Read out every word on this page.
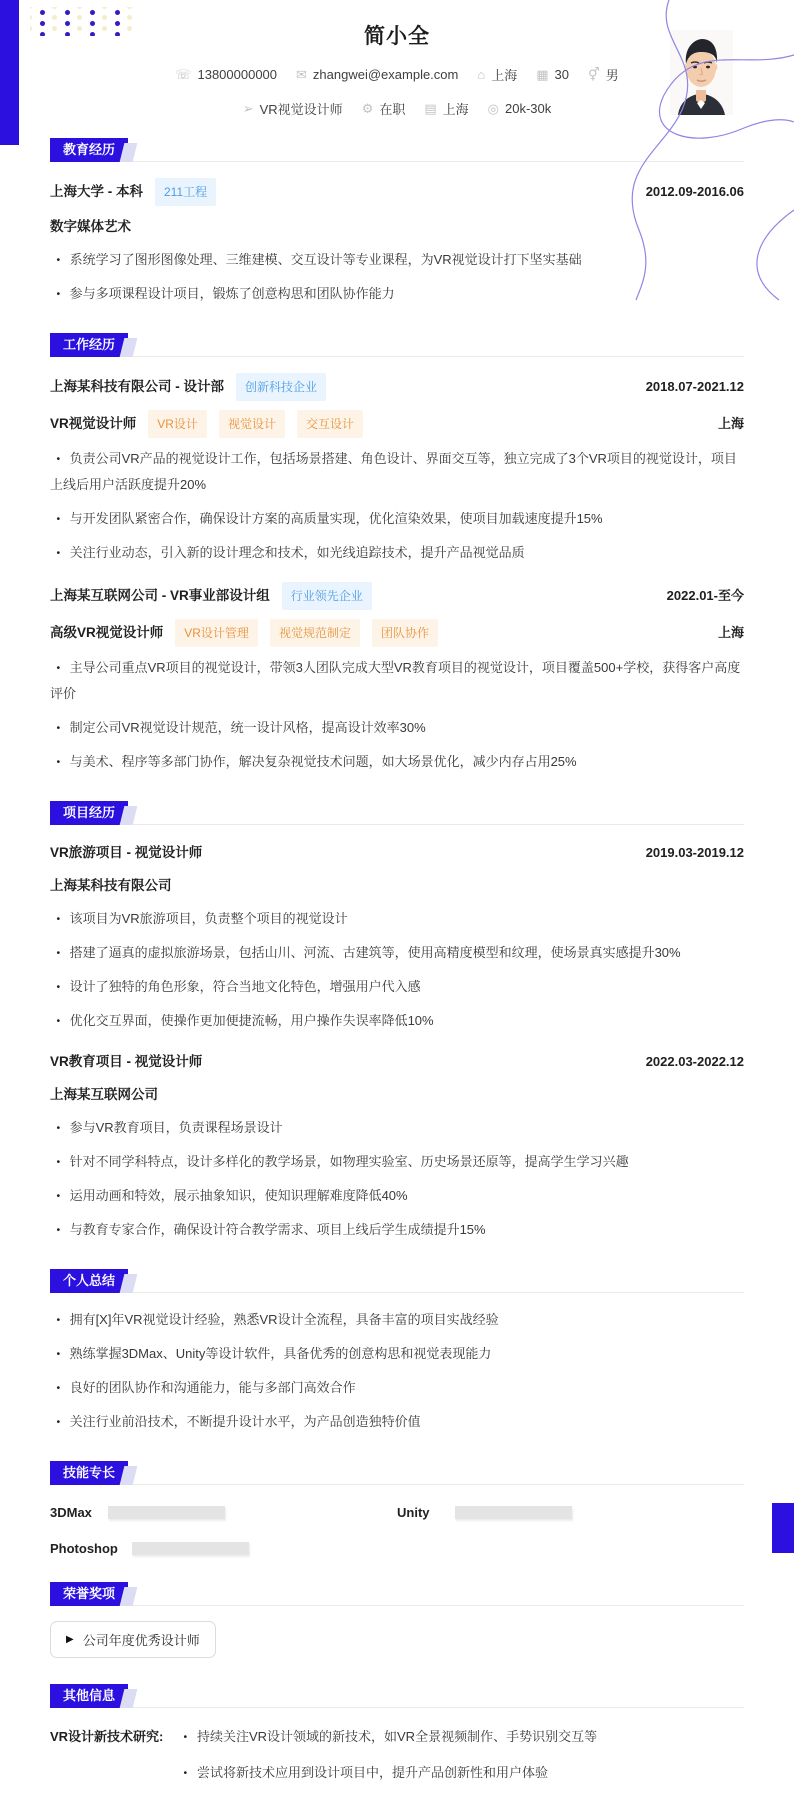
简小全
☏ 13800000000 ✉ zhangwei@example.com ⌂ 上海 ▦ 30 ⚥ 男
➢ VR视觉设计师 ⚙ 在职 ▤ 上海 ◎ 20k-30k
教育经历
上海大学 - 本科	211工程	2012.09-2016.06
数字媒体艺术
• 系统学习了图形图像处理、三维建模、交互设计等专业课程，为VR视觉设计打下坚实基础
• 参与多项课程设计项目，锻炼了创意构思和团队协作能力
工作经历
上海某科技有限公司 - 设计部	创新科技企业	2018.07-2021.12
VR视觉设计师	VR设计	视觉设计	交互设计	上海
• 负责公司VR产品的视觉设计工作，包括场景搭建、角色设计、界面交互等，独立完成了3个VR项目的视觉设计，项目上线后用户活跃度提升20%
• 与开发团队紧密合作，确保设计方案的高质量实现，优化渲染效果，使项目加载速度提升15%
• 关注行业动态，引入新的设计理念和技术，如光线追踪技术，提升产品视觉品质
上海某互联网公司 - VR事业部设计组	行业领先企业	2022.01-至今
高级VR视觉设计师	VR设计管理	视觉规范制定	团队协作	上海
• 主导公司重点VR项目的视觉设计，带领3人团队完成大型VR教育项目的视觉设计，项目覆盖500+学校，获得客户高度评价
• 制定公司VR视觉设计规范，统一设计风格，提高设计效率30%
• 与美术、程序等多部门协作，解决复杂视觉技术问题，如大场景优化，减少内存占用25%
项目经历
VR旅游项目 - 视觉设计师	2019.03-2019.12
上海某科技有限公司
• 该项目为VR旅游项目，负责整个项目的视觉设计
• 搭建了逼真的虚拟旅游场景，包括山川、河流、古建筑等，使用高精度模型和纹理，使场景真实感提升30%
• 设计了独特的角色形象，符合当地文化特色，增强用户代入感
• 优化交互界面，使操作更加便捷流畅，用户操作失误率降低10%
VR教育项目 - 视觉设计师	2022.03-2022.12
上海某互联网公司
• 参与VR教育项目，负责课程场景设计
• 针对不同学科特点，设计多样化的教学场景，如物理实验室、历史场景还原等，提高学生学习兴趣
• 运用动画和特效，展示抽象知识，使知识理解难度降低40%
• 与教育专家合作，确保设计符合教学需求、项目上线后学生成绩提升15%
个人总结
• 拥有[X]年VR视觉设计经验，熟悉VR设计全流程，具备丰富的项目实战经验
• 熟练掌握3DMax、Unity等设计软件，具备优秀的创意构思和视觉表现能力
• 良好的团队协作和沟通能力，能与多部门高效合作
• 关注行业前沿技术，不断提升设计水平，为产品创造独特价值
技能专长
3DMax	Unity
Photoshop
荣誉奖项
▶ 公司年度优秀设计师
其他信息
VR设计新技术研究:	• 持续关注VR设计领域的新技术，如VR全景视频制作、手势识别交互等
• 尝试将新技术应用到设计项目中，提升产品创新性和用户体验
